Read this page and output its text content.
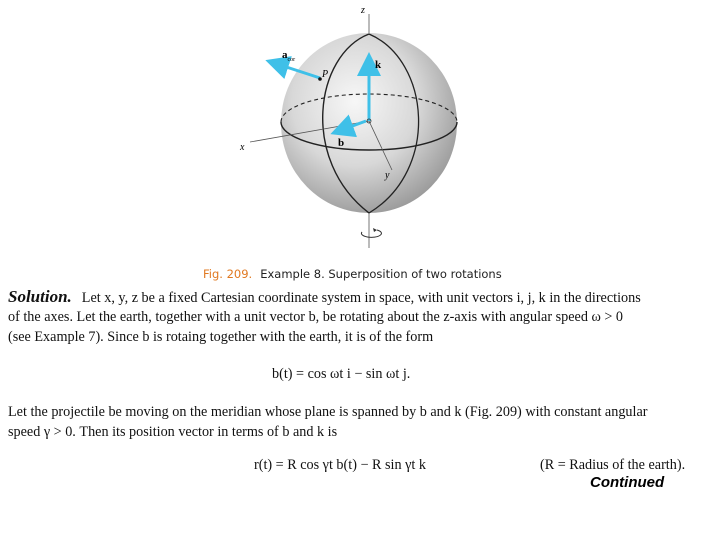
z
x
y
k
b
$a_{cor}$
P
Fig. 209. Example 8. Superposition of two rotations
Solution. Let x, y, z be a fixed Cartesian coordinate system in space, with unit vectors i, j, k in the directions
of the axes. Let the earth, together with a unit vector b, be rotating about the z-axis with angular speed ω > 0
(see Example 7). Since b is rotaing together with the earth, it is of the form
b(t) = cos ωt i − sin ωt j.
Let the projectile be moving on the meridian whose plane is spanned by b and k (Fig. 209) with constant angular
speed γ > 0. Then its position vector in terms of b and k is
r(t) = R cos γt b(t) − R sin γt k	(R = Radius of the earth).
Continued
